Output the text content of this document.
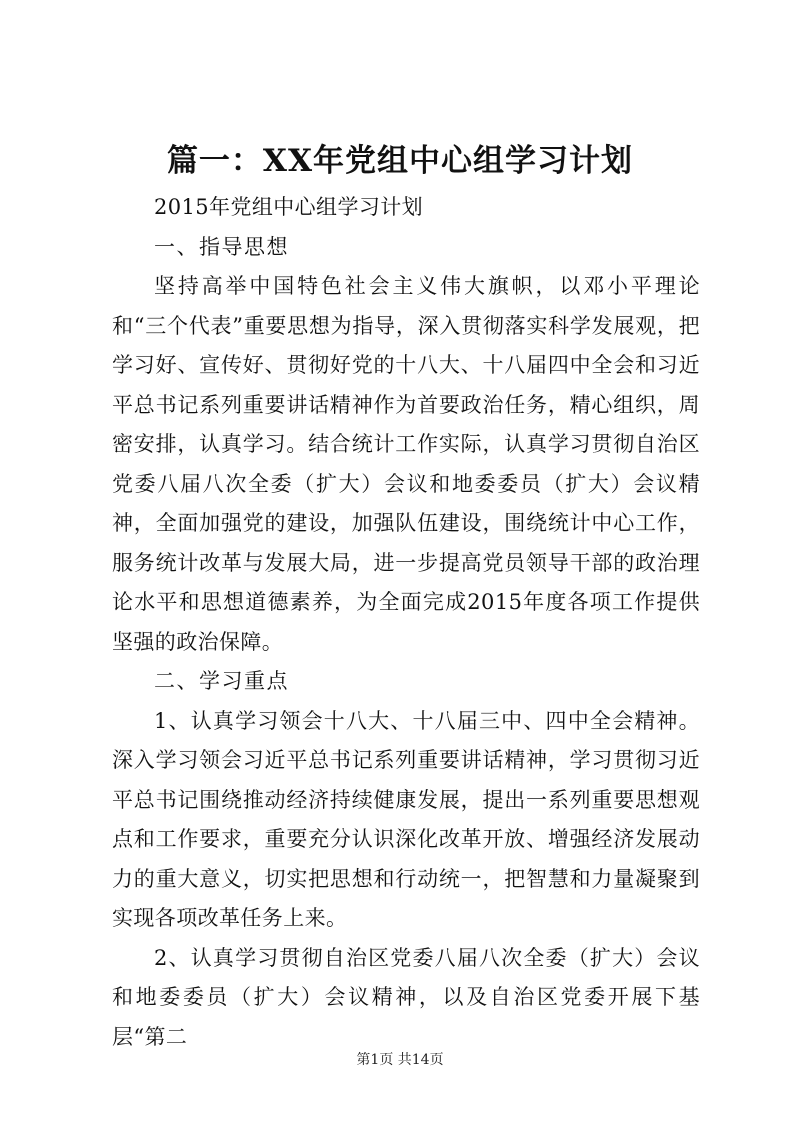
篇一：XX年党组中心组学习计划

2015年党组中心组学习计划

一、指导思想

坚持高举中国特色社会主义伟大旗帜，以邓小平理论和“三个代表”重要思想为指导，深入贯彻落实科学发展观，把学习好、宣传好、贯彻好党的十八大、十八届四中全会和习近平总书记系列重要讲话精神作为首要政治任务，精心组织，周密安排，认真学习。结合统计工作实际，认真学习贯彻自治区党委八届八次全委（扩大）会议和地委委员（扩大）会议精神，全面加强党的建设，加强队伍建设，围绕统计中心工作，服务统计改革与发展大局，进一步提高党员领导干部的政治理论水平和思想道德素养，为全面完成2015年度各项工作提供坚强的政治保障。

二、学习重点

1、认真学习领会十八大、十八届三中、四中全会精神。深入学习领会习近平总书记系列重要讲话精神，学习贯彻习近平总书记围绕推动经济持续健康发展，提出一系列重要思想观点和工作要求，重要充分认识深化改革开放、增强经济发展动力的重大意义，切实把思想和行动统一，把智慧和力量凝聚到实现各项改革任务上来。

2、认真学习贯彻自治区党委八届八次全委（扩大）会议和地委委员（扩大）会议精神，以及自治区党委开展下基层“第二

第1页 共14页
